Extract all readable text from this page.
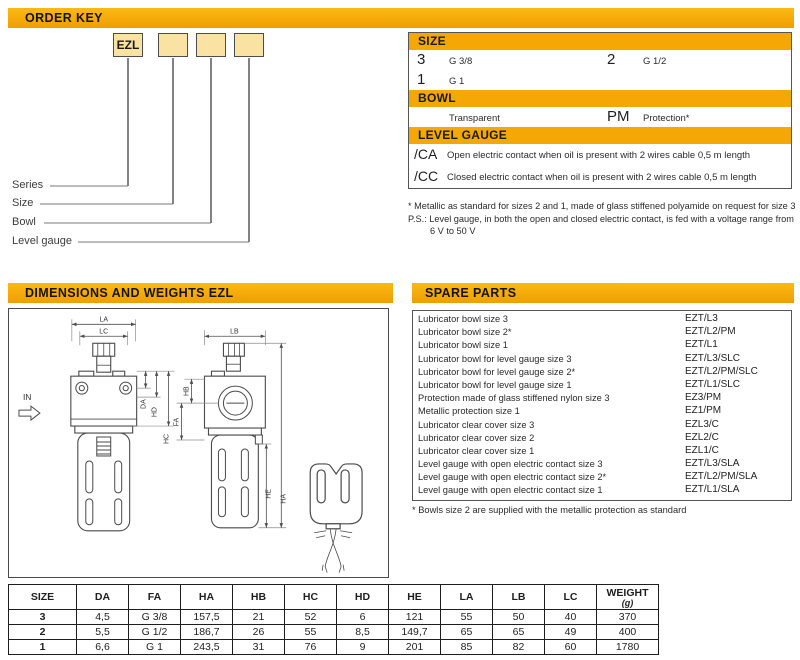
ORDER KEY
EZL
Series
Size
Bowl
Level gauge
SIZE
3 G 3/8	2	G 1/2
1 G 1
BOWL
Transparent	PM Protection*
LEVEL GAUGE
/CA Open electric contact when oil is present with 2 wires cable 0,5 m length
/CC Closed electric contact when oil is present with 2 wires cable 0,5 m length
* Metallic as standard for sizes 2 and 1, made of glass stiffened polyamide on request for size 3
P.S.: Level gauge, in both the open and closed electric contact, is fed with a voltage range from 6 V to 50 V
DIMENSIONS AND WEIGHTS EZL	SPARE PARTS
LA
LC
DA
HD
HC
IN
LB
HB
FA
HE
HA
Lubricator bowl size 3	EZT/L3
Lubricator bowl size 2*	EZT/L2/PM
Lubricator bowl size 1	EZT/L1
Lubricator bowl for level gauge size 3	EZT/L3/SLC
Lubricator bowl for level gauge size 2*	EZT/L2/PM/SLC
Lubricator bowl for level gauge size 1	EZT/L1/SLC
Protection made of glass stiffened nylon size 3	EZ3/PM
Metallic protection size 1	EZ1/PM
Lubricator clear cover size 3	EZL3/C
Lubricator clear cover size 2	EZL2/C
Lubricator clear cover size 1	EZL1/C
Level gauge with open electric contact size 3	EZT/L3/SLA
Level gauge with open electric contact size 2*	EZT/L2/PM/SLA
Level gauge with open electric contact size 1	EZT/L1/SLA
* Bowls size 2 are supplied with the metallic protection as standard
SIZE	DA	FA	HA	HB	HC	HD	HE	LA	LB	LC	WEIGHT
(g)

3	4,5	G 3/8	157,5	21	52	6	121	55	50	40	370
2	5,5	G 1/2	186,7	26	55	8,5	149,7	65	65	49	400
1	6,6	G 1	243,5	31	76	9	201	85	82	60	1780
